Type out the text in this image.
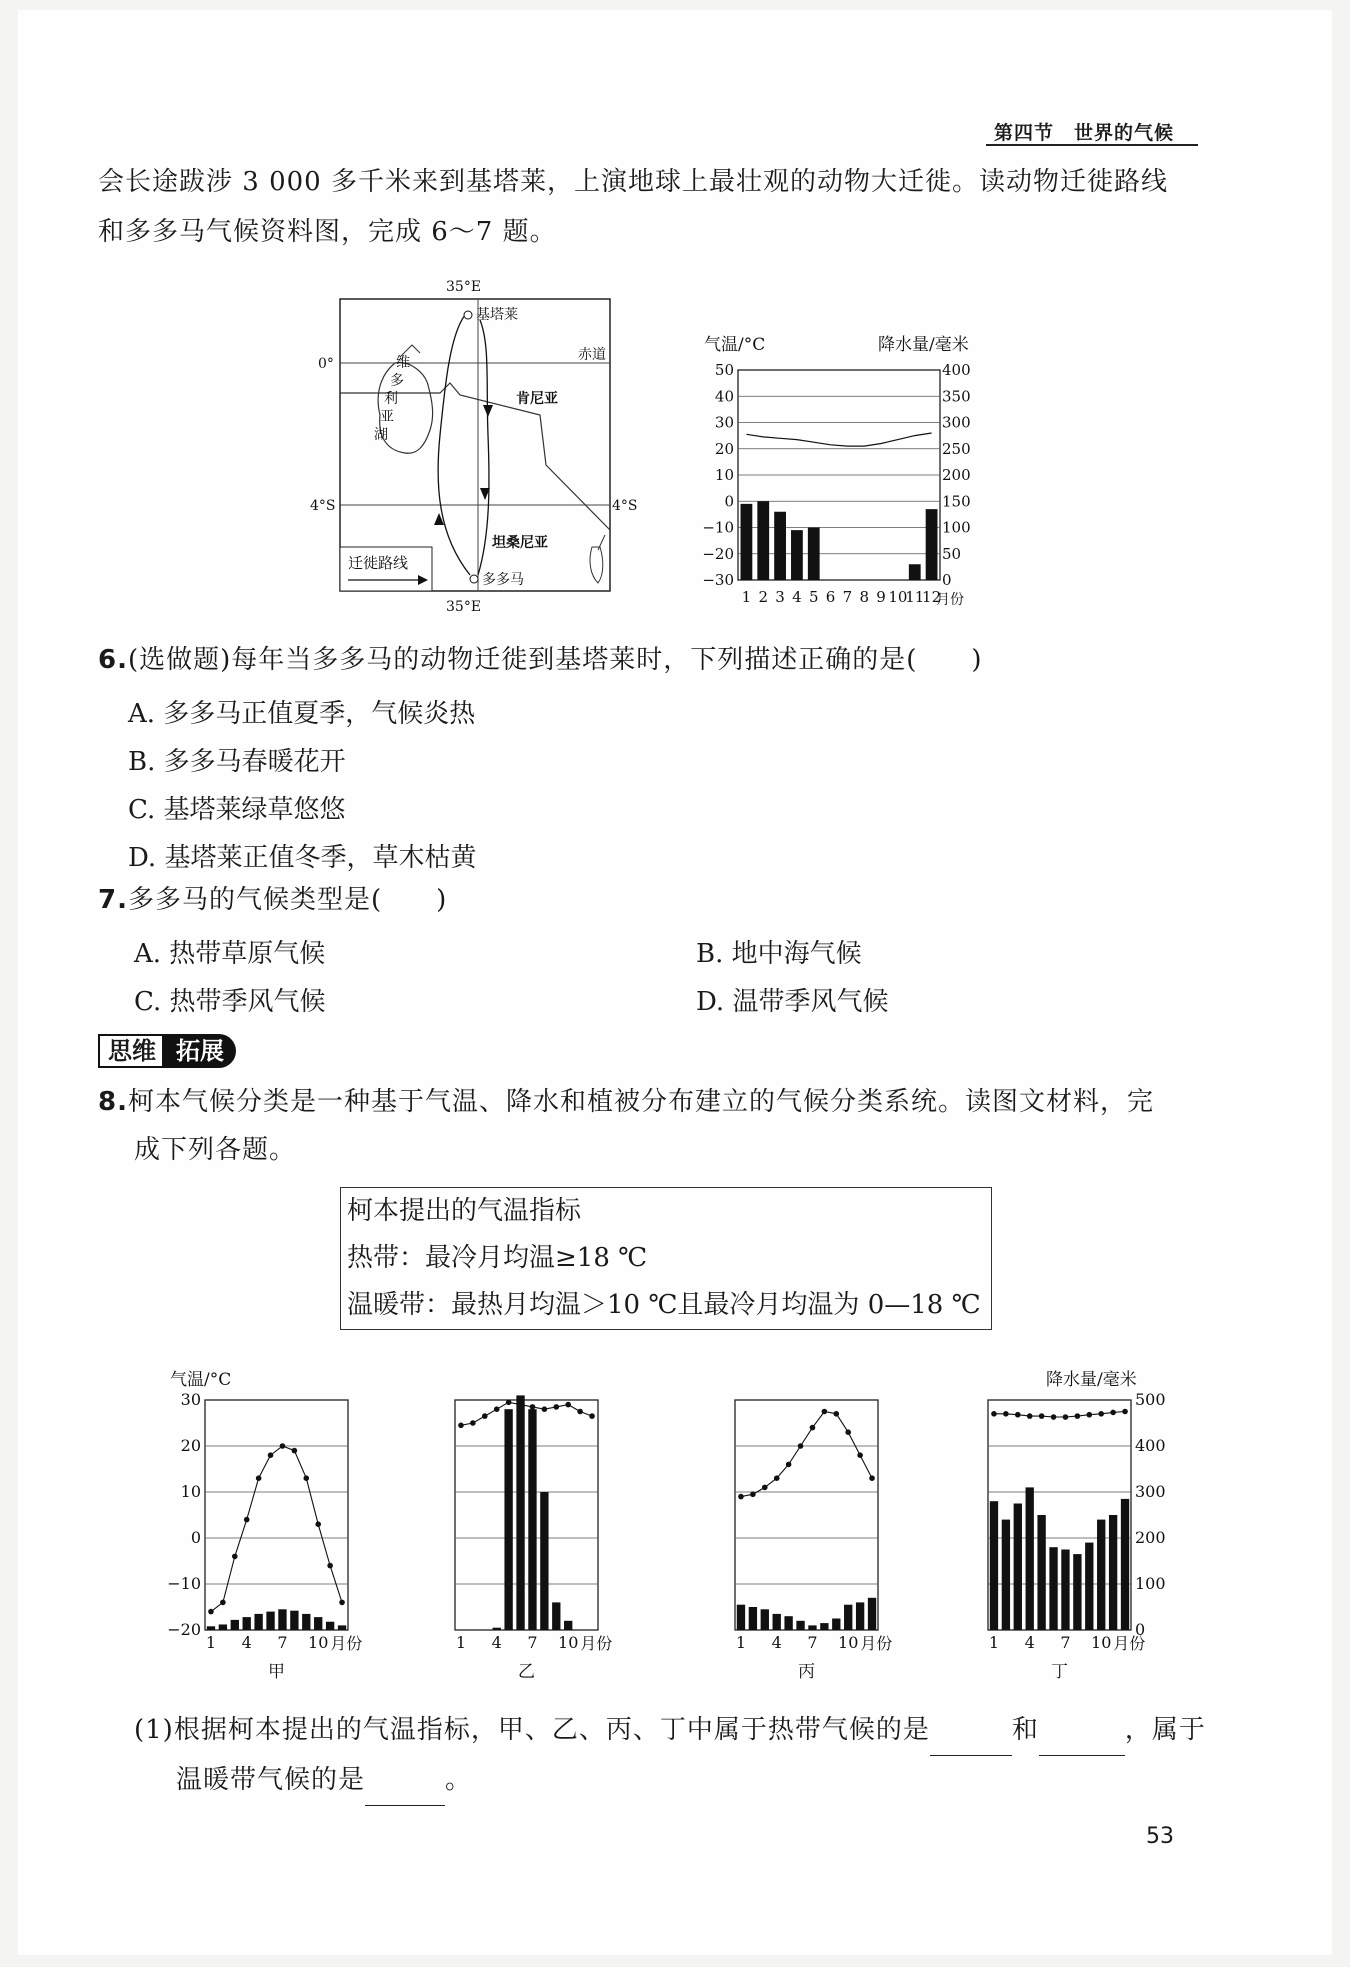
第四节　世界的气候
会长途跋涉 3 000 多千米来到基塔莱，上演地球上最壮观的动物大迁徙。读动物迁徙路线
和多多马气候资料图，完成 6～7 题。
35°E
35°E
0°
4°S	4°S
赤道
基塔莱
多多马
肯尼亚
坦桑尼亚
维
多
利
亚
湖
迁徙路线
气温/°C	降水量/毫米
50
40
30
20
10
0
−10
−20
−30
400
350
300
250
200
150
100
50
0
1 2 3 4 5 6 7 8 9 10
11
12
月份
6.(选做题)每年当多多马的动物迁徙到基塔莱时，下列描述正确的是(　　)
A. 多多马正值夏季，气候炎热
B. 多多马春暖花开
C. 基塔莱绿草悠悠
D. 基塔莱正值冬季，草木枯黄
7.多多马的气候类型是(　　)
A. 热带草原气候	B. 地中海气候
C. 热带季风气候	D. 温带季风气候
思维 拓展
8.柯本气候分类是一种基于气温、降水和植被分布建立的气候分类系统。读图文材料，完
成下列各题。
柯本提出的气温指标
热带：最冷月均温≥18 ℃
温暖带：最热月均温＞10 ℃且最冷月均温为 0—18 ℃
气温/°C	降水量/毫米
30
20
10
0
−10
−20
1 4 7 10 月份
甲
1 4 7 10 月份
乙
1 4 7 10 月份
丙
500
400
300
200
100
0
1 4 7 10 月份
丁
(1)根据柯本提出的气温指标，甲、乙、丙、丁中属于热带气候的是	和	，属于
温暖带气候的是	。
53
